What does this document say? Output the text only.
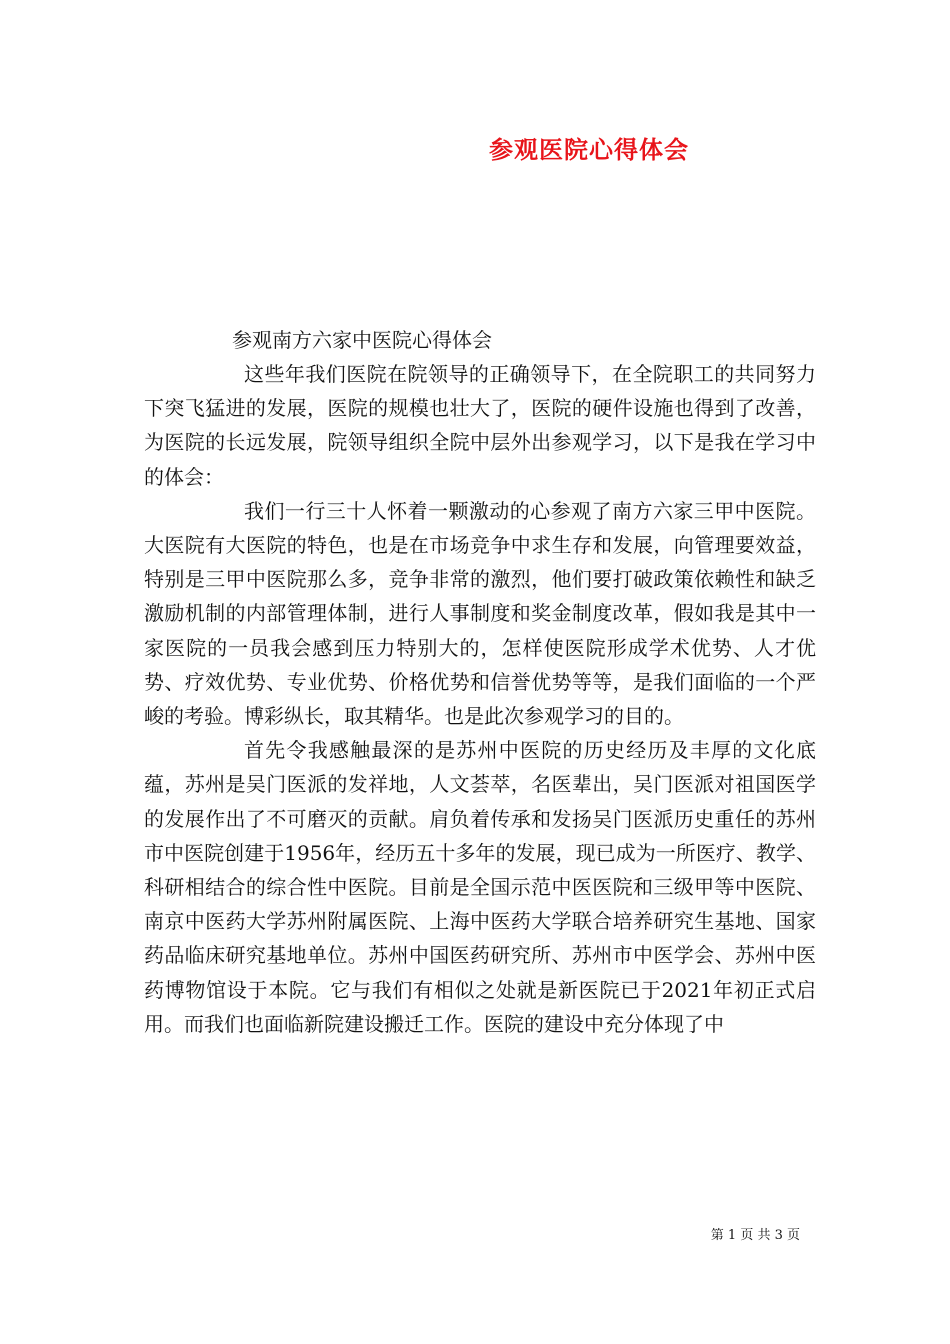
参观医院心得体会
参观南方六家中医院心得体会

这些年我们医院在院领导的正确领导下，在全院职工的共同努力下突飞猛进的发展，医院的规模也壮大了，医院的硬件设施也得到了改善，为医院的长远发展，院领导组织全院中层外出参观学习，以下是我在学习中的体会：

我们一行三十人怀着一颗激动的心参观了南方六家三甲中医院。大医院有大医院的特色，也是在市场竞争中求生存和发展，向管理要效益，特别是三甲中医院那么多，竞争非常的激烈，他们要打破政策依赖性和缺乏激励机制的内部管理体制，进行人事制度和奖金制度改革，假如我是其中一家医院的一员我会感到压力特别大的，怎样使医院形成学术优势、人才优势、疗效优势、专业优势、价格优势和信誉优势等等，是我们面临的一个严峻的考验。博彩纵长，取其精华。也是此次参观学习的目的。

首先令我感触最深的是苏州中医院的历史经历及丰厚的文化底蕴，苏州是吴门医派的发祥地，人文荟萃，名医辈出，吴门医派对祖国医学的发展作出了不可磨灭的贡献。肩负着传承和发扬吴门医派历史重任的苏州市中医院创建于1956年，经历五十多年的发展，现已成为一所医疗、教学、科研相结合的综合性中医院。目前是全国示范中医医院和三级甲等中医院、南京中医药大学苏州附属医院、上海中医药大学联合培养研究生基地、国家药品临床研究基地单位。苏州中国医药研究所、苏州市中医学会、苏州中医药博物馆设于本院。它与我们有相似之处就是新医院已于2021年初正式启用。而我们也面临新院建设搬迁工作。医院的建设中充分体现了中

第 1 页 共 3 页
